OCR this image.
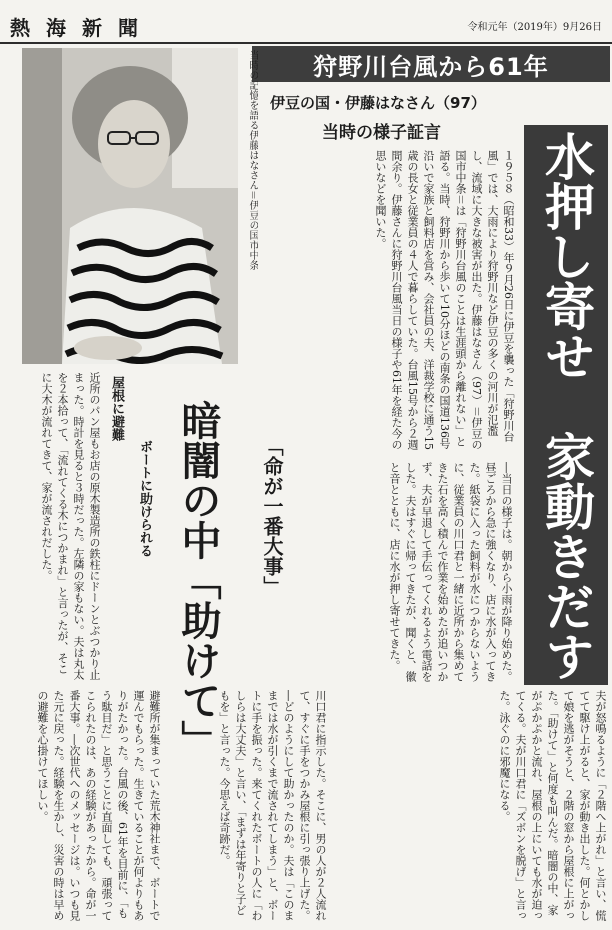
熱海新聞	令和元年（2019年）9月26日
狩野川台風から61年
伊豆の国・伊藤はなさん（97）
当時の様子証言
当時の記憶を語る伊藤はなさん＝伊豆の国市中条	水押し寄せ　家動きだす
１９５８（昭和33）年９月26日に伊豆を襲った「狩野川台風」では、大雨により狩野川など伊豆の多くの河川が氾濫し、流域に大きな被害が出た。伊藤はなさん（97）＝伊豆の国市中条＝は「狩野川台風のことは生涯頭から離れない」と語る。当時、狩野川から歩いて10分ほどの南条の国道136号沿いで家族と飼料店を営み、会社員の夫、洋裁学校に通う15歳の長女と従業員の４人で暮らしていた。台風15号から２週間余り。伊藤さんに狩野川台風当日の様子や61年を経た今の思いなどを聞いた。
屋根に避難	暗闇の中「助けて」	「命が一番大事」
ボートに助けられる
近所のパン屋もお店の原木製造所の鉄柱にドーンとぶつかり止まった。時計を見ると３時だった。左隣の家もない。夫は丸太を２本拾って、「流れてくる木につかまれ」と言ったが、そこに大木が流れてきて、家が流されだした。	―当日の様子は。朝から小雨が降り始めた。昼ごろから急に強くなり、店に水が入ってきた。紙袋に入った飼料が水につからないように、従業員の川口君と一緒に近所から集めてきた石を高く積んで作業を始めたが追いつかず、夫が早退して手伝ってくれるよう電話をした。夫はすぐに帰ってきたが、聞くと、徽と音とともに、店に水が押し寄せてきた。
夫が怒鳴るように「２階へ上がれ」と言い、慌てて駆け上がると、家が動き出した。何とかして娘を逃がそうと、２階の窓から屋根に上がった。「助けて」と何度も叫んだ。暗闇の中、家がぷかぷかと流れ、屋根の上にいても水が迫ってくる。夫が川口君に「ズボンを脱げ」と言った。泳ぐのに邪魔になる。
川口君に指示した。そこに、男の人が２人流れて、すぐに手をつかみ屋根に引っ張り上げた。―どのようにして助かったのか。夫は「このままでは水が引くまで流されてしまう」と、ボートに手を振った。来てくれたボートの人に「わしらは大丈夫」と言い、「まずは年寄りと子どもを」と言った。今思えば奇跡だ。
避難所が集まっていた荒木神社まで、ボートで運んでもらった。生きていることが何よりもありがたかった。台風の後、61年を目前に、「もう駄目だ」と思うことに直面しても、頑張ってこられたのは、あの経験があったから。命が一番大事。―次世代へのメッセージは。いつも見た元に戻った。経験を生かし、災害の時は早めの避難を心掛けてほしい。
